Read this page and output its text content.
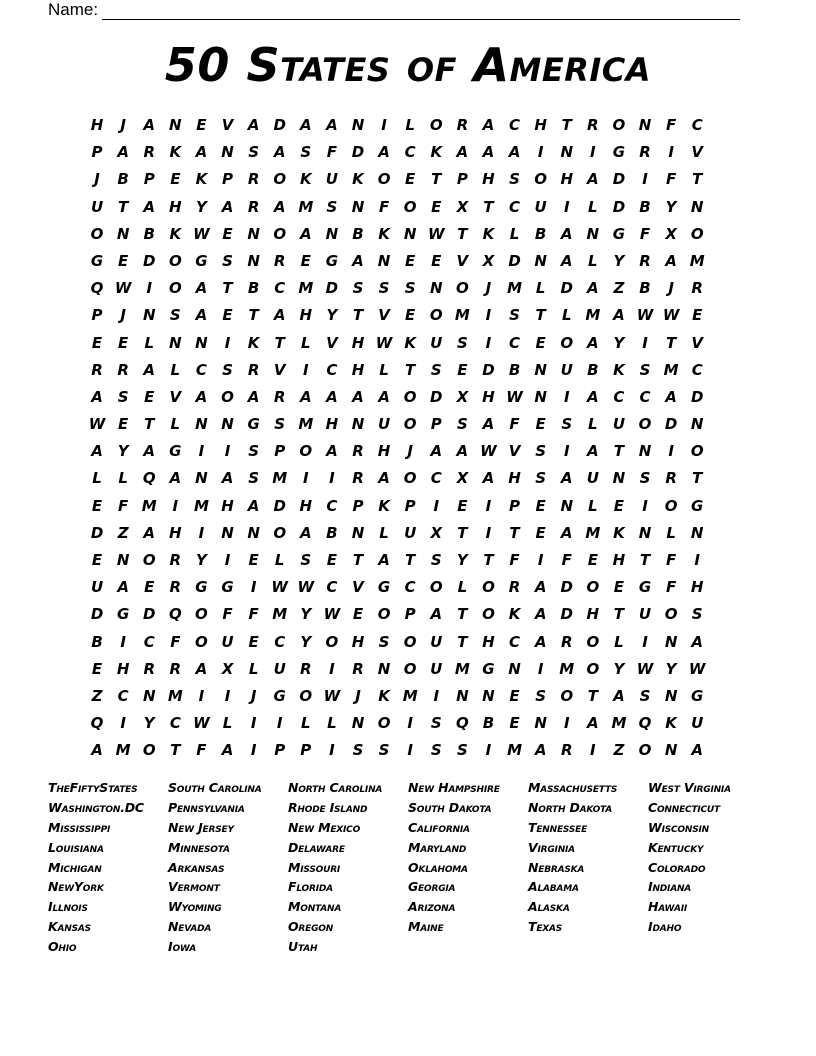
Name:
50 States of America
H	J	A N E	V A D A A N	I	L O R A C H T	R O N F	C
P A R K A N S A S	F D A C K A A A	I	N	I	G R	I	V
J	B P	E	K P R O K U K O E	T	P H S O H A D	I	F	T
U T	A H Y A R A M S N F O E	X	T	C U	I	L	D B Y N
O N B K W E N O A N B K N W T	K	L	B A N G F	X O
G E D O G S N R	E G A N E	E	V X D N A	L	Y R A M
Q W	I	O A	T	B C M D S	S	S N O	J	M L	D A Z B	J	R
P	J	N S A	E	T	A H Y	T	V	E O M	I	S	T	L M A W W E
E	E	L	N N	I	K	T	L	V H W K U S	I	C	E O A Y	I	T	V
R R A	L	C	S R V	I	C H	L	T	S	E D B N U B K S M C
A S	E	V A O A R A A A A O D X H W N	I	A C	C A D
W E	T	L	N N G S M H N U O P	S A	F	E	S	L	U O D N
A Y A G	I	I	S	P O A R H	J	A A W V S	I	A	T N	I	O
L	L Q A N A S M	I	I	R A O C X A H S A U N S R	T
E	F M	I	M H A D H C	P K P	I	E	I	P	E N	L	E	I	O G
D Z A H	I	N N O A B N	L	U X	T	I	T	E	A M K N	L	N
E N O R Y	I	E	L	S	E	T	A	T	S	Y	T	F	I	F	E H T	F	I
U A	E	R G G	I	W W C V G C O L O R A D O E G F H
D G D Q O F	F M Y W E O P A	T O K A D H T U O S
B	I	C	F O U E	C	Y O H S O U T H C A R O L	I	N A
E H R R A X	L	U R	I	R N O U M G N	I	M O Y W Y W
Z	C N M	I	I	J	G O W	J	K M	I	N N E	S O T	A S N G
Q	I	Y	C W L	I	I	L	L	N O	I	S Q B	E N	I	A M Q K U
A M O T	F	A	I	P	P	I	S	S	I	S	S	I	M A R	I	Z O N A
TheFiftyStates	South Carolina	North Carolina	New Hampshire	Massachusetts	West Virginia
Washington.DC	Pennsylvania	Rhode Island	South Dakota	North Dakota	Connecticut
Mississippi	New Jersey	New Mexico	California	Tennessee	Wisconsin
Louisiana	Minnesota	Delaware	Maryland	Virginia	Kentucky
Michigan	Arkansas	Missouri	Oklahoma	Nebraska	Colorado
NewYork	Vermont	Florida	Georgia	Alabama	Indiana
Illnois	Wyoming	Montana	Arizona	Alaska	Hawaii
Kansas	Nevada	Oregon	Maine	Texas	Idaho
Ohio	Iowa	Utah
